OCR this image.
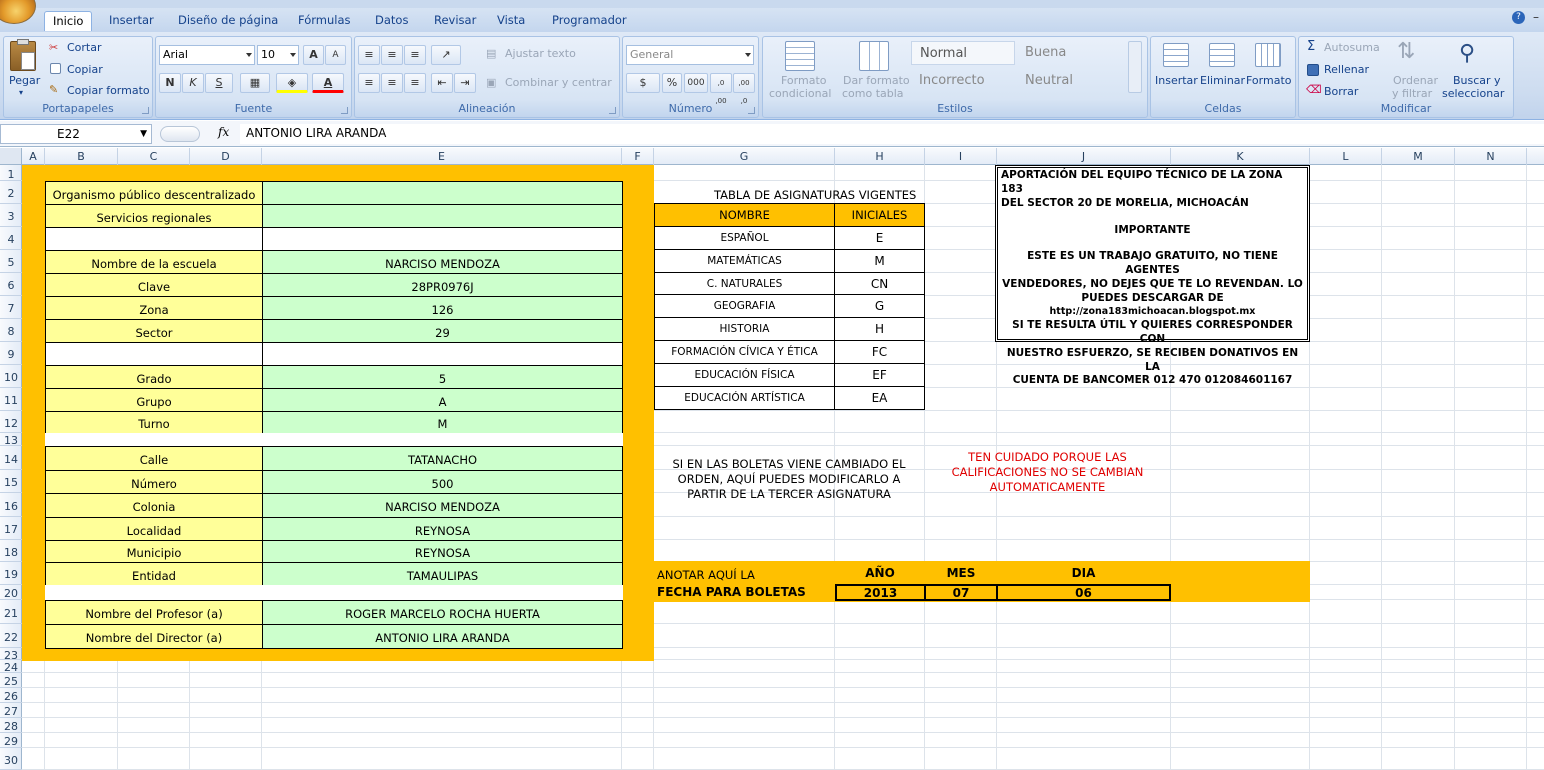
Inicio	Insertar	Diseño de página	Fórmulas	Datos	Revisar	Vista	Programador	?	–
Pegar
▾
✂ Cortar
Copiar
✎ Copiar formato
Portapapeles
Arial	10	A	A
N	K	S	▦	◈	A
Fuente
≡	≡	≡	↗	▤ Ajustar texto
≡	≡	≡	⇤	⇥	▣ Combinar y centrar
Alineación
General
$	%	000	,0 ,00
,00 ,0
Número
Formato
condicional
Dar formato
como tabla
Normal	Buena
Incorrecto	Neutral
Estilos
Insertar Eliminar Formato
Celdas
Σ Autosuma
Rellenar
⌫ Borrar
⇅
Ordenar
y filtrar
⚲
Buscar y
seleccionar
Modificar
E22	▼	fx	ANTONIO LIRA ARANDA
A	B	C	D	E	F	G	H	I	J	K	L	M	N
1
2
3
4
5
6
7
8
9
10
11
12
13
14
15
16
17
18
19
20
21
22
23
24
25
26
27
28
29
30
Organismo público descentralizado
Servicios regionales
Nombre de la escuela	NARCISO MENDOZA
Clave	28PR0976J
Zona	126
Sector	29
Grado	5
Grupo	A
Turno	M
Calle	TATANACHO
Número	500
Colonia	NARCISO MENDOZA
Localidad	REYNOSA
Municipio	REYNOSA
Entidad	TAMAULIPAS
Nombre del Profesor (a)	ROGER MARCELO ROCHA HUERTA
Nombre del Director (a)	ANTONIO LIRA ARANDA
TABLA DE ASIGNATURAS VIGENTES
NOMBRE	INICIALES
ESPAÑOL	E
MATEMÁTICAS	M
C. NATURALES	CN
GEOGRAFIA	G
HISTORIA	H
FORMACIÓN CÍVICA Y ÉTICA	FC
EDUCACIÓN FÍSICA	EF
EDUCACIÓN ARTÍSTICA	EA
APORTACIÓN DEL EQUIPO TÉCNICO DE LA ZONA 183
DEL SECTOR 20 DE MORELIA, MICHOACÁN
IMPORTANTE
ESTE ES UN TRABAJO GRATUITO, NO TIENE AGENTES
VENDEDORES, NO DEJES QUE TE LO REVENDAN. LO
PUEDES DESCARGAR DE
http://zona183michoacan.blogspot.mx
SI TE RESULTA ÚTIL Y QUIERES CORRESPONDER CON
NUESTRO ESFUERZO, SE RECIBEN DONATIVOS EN LA
CUENTA DE BANCOMER 012 470 012084601167
SI EN LAS BOLETAS VIENE CAMBIADO EL
ORDEN, AQUÍ PUEDES MODIFICARLO A
PARTIR DE LA TERCER ASIGNATURA
TEN CUIDADO PORQUE LAS
CALIFICACIONES NO SE CAMBIAN
AUTOMATICAMENTE
ANOTAR AQUÍ LA
FECHA PARA BOLETAS
AÑO	MES	DIA
2013	07	06
